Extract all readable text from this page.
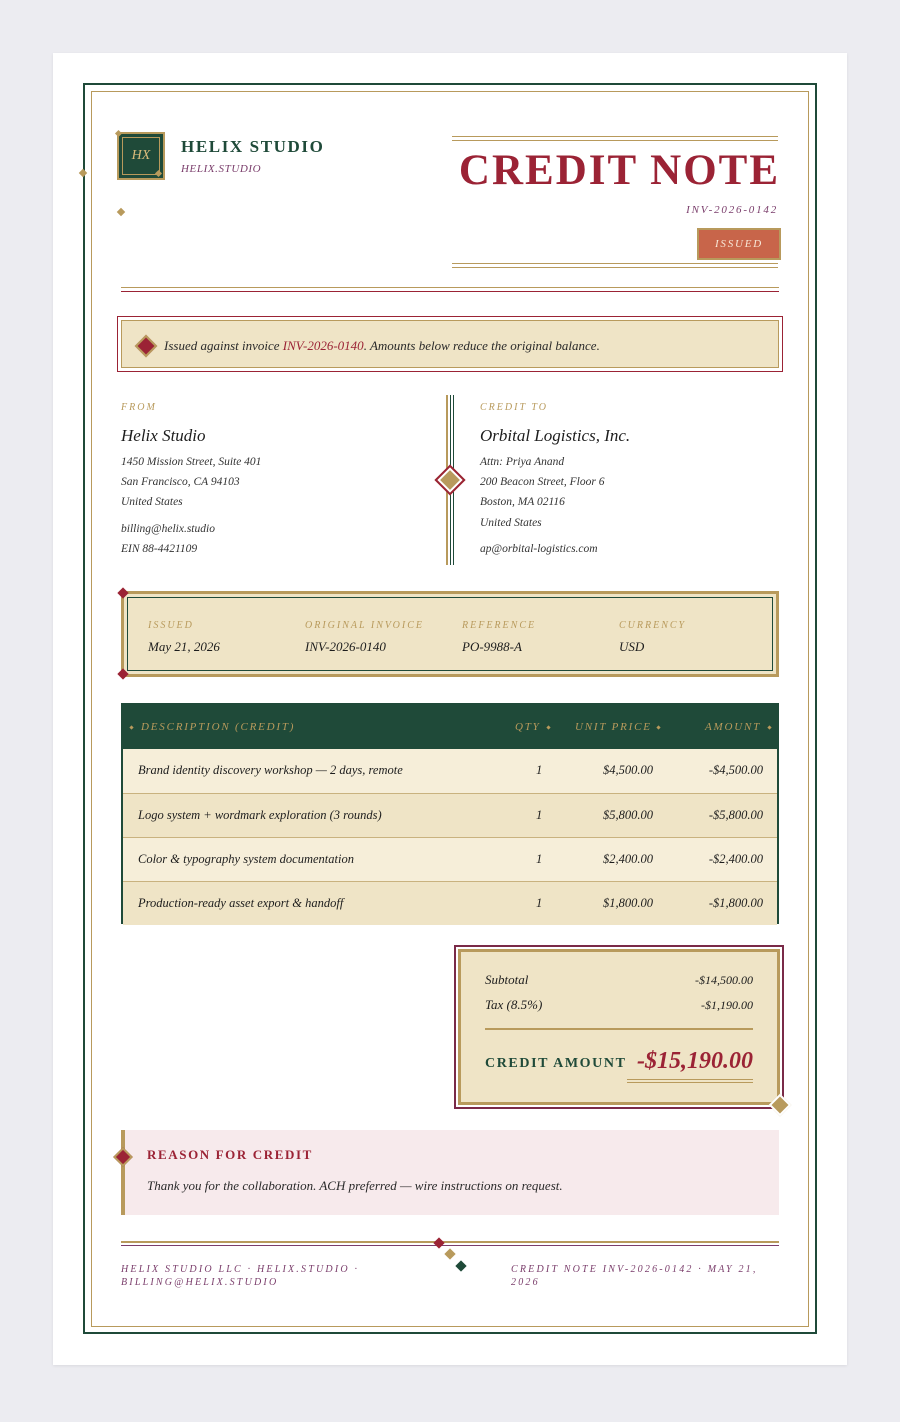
HX	HELIX STUDIO
HELIX.STUDIO	CREDIT NOTE
INV-2026-0142
ISSUED
Issued against invoice INV-2026-0140. Amounts below reduce the original balance.
FROM
Helix Studio
1450 Mission Street, Suite 401
San Francisco, CA 94103
United States
billing@helix.studio
EIN 88-4421109
CREDIT TO
Orbital Logistics, Inc.
Attn: Priya Anand
200 Beacon Street, Floor 6
Boston, MA 02116
United States
ap@orbital-logistics.com
ISSUED
May 21, 2026
ORIGINAL INVOICE
INV-2026-0140
REFERENCE
PO-9988-A
CURRENCY
USD
DESCRIPTION (CREDIT)	QTY	UNIT PRICE	AMOUNT
Brand identity discovery workshop — 2 days, remote	1	$4,500.00	-$4,500.00
Logo system + wordmark exploration (3 rounds)	1	$5,800.00	-$5,800.00
Color & typography system documentation	1	$2,400.00	-$2,400.00
Production-ready asset export & handoff	1	$1,800.00	-$1,800.00
Subtotal	-$14,500.00
Tax (8.5%)	-$1,190.00
CREDIT AMOUNT -$15,190.00
REASON FOR CREDIT
Thank you for the collaboration. ACH preferred — wire instructions on request.
HELIX STUDIO LLC · HELIX.STUDIO ·
BILLING@HELIX.STUDIO
CREDIT NOTE INV-2026-0142 · MAY 21,
2026
